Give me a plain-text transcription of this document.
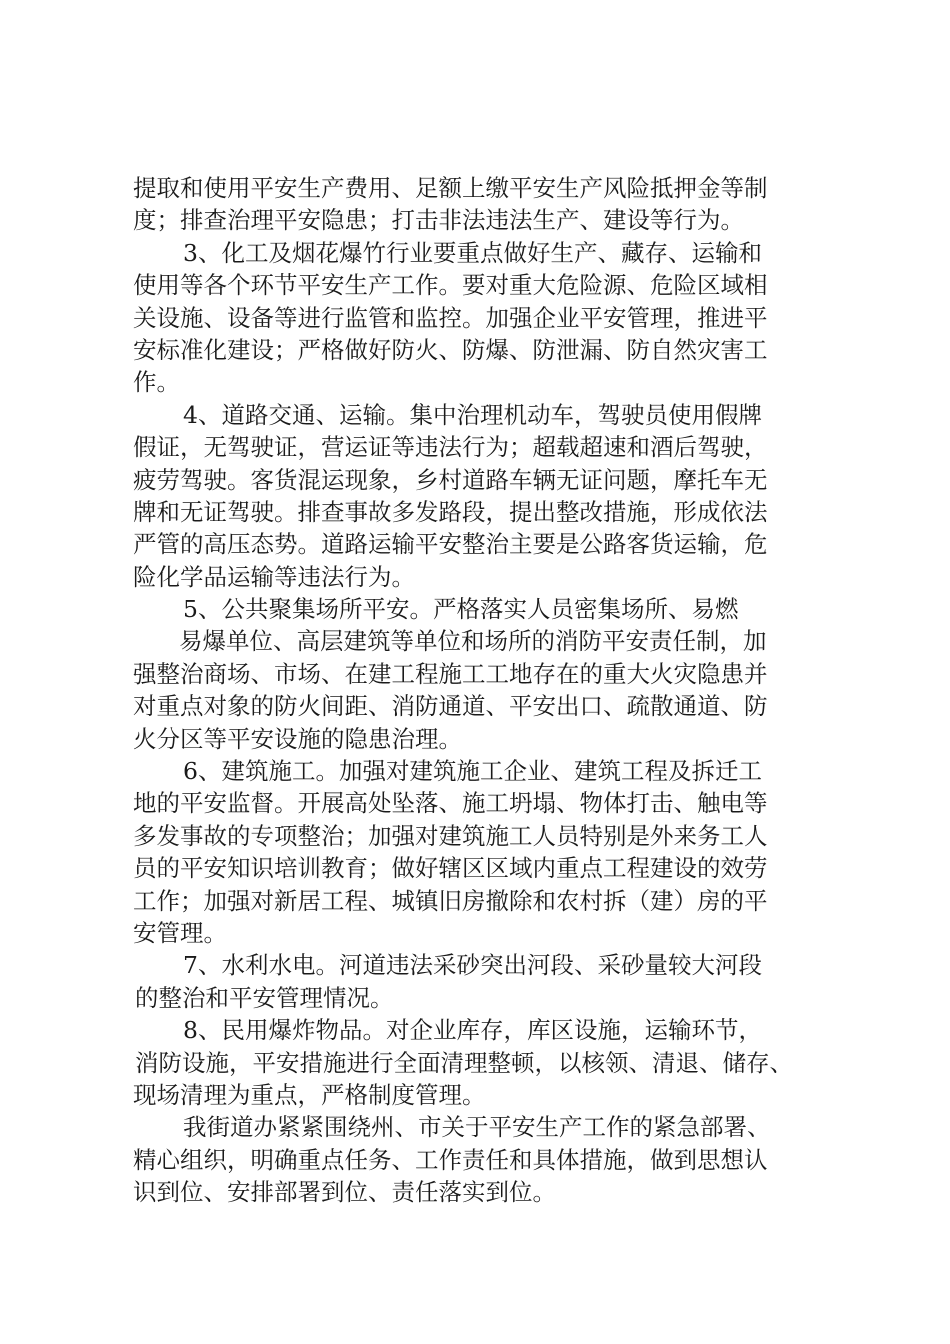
提取和使用平安生产费用、足额上缴平安生产风险抵押金等制
度；排查治理平安隐患；打击非法违法生产、建设等行为。
3、化工及烟花爆竹行业要重点做好生产、藏存、运输和
使用等各个环节平安生产工作。要对重大危险源、危险区域相
关设施、设备等进行监管和监控。加强企业平安管理，推进平
安标准化建设；严格做好防火、防爆、防泄漏、防自然灾害工
作。
4、道路交通、运输。集中治理机动车，驾驶员使用假牌
假证，无驾驶证，营运证等违法行为；超载超速和酒后驾驶，
疲劳驾驶。客货混运现象，乡村道路车辆无证问题，摩托车无
牌和无证驾驶。排查事故多发路段，提出整改措施，形成依法
严管的高压态势。道路运输平安整治主要是公路客货运输，危
险化学品运输等违法行为。
5、公共聚集场所平安。严格落实人员密集场所、易燃
易爆单位、高层建筑等单位和场所的消防平安责任制，加
强整治商场、市场、在建工程施工工地存在的重大火灾隐患并
对重点对象的防火间距、消防通道、平安出口、疏散通道、防
火分区等平安设施的隐患治理。
6、建筑施工。加强对建筑施工企业、建筑工程及拆迁工
地的平安监督。开展高处坠落、施工坍塌、物体打击、触电等
多发事故的专项整治；加强对建筑施工人员特别是外来务工人
员的平安知识培训教育；做好辖区区域内重点工程建设的效劳
工作；加强对新居工程、城镇旧房撤除和农村拆（建）房的平
安管理。
7、水利水电。河道违法采砂突出河段、采砂量较大河段
的整治和平安管理情况。
8、民用爆炸物品。对企业库存，库区设施，运输环节，
消防设施，平安措施进行全面清理整顿，以核领、清退、储存、
现场清理为重点，严格制度管理。
我街道办紧紧围绕州、市关于平安生产工作的紧急部署、
精心组织，明确重点任务、工作责任和具体措施，做到思想认
识到位、安排部署到位、责任落实到位。
